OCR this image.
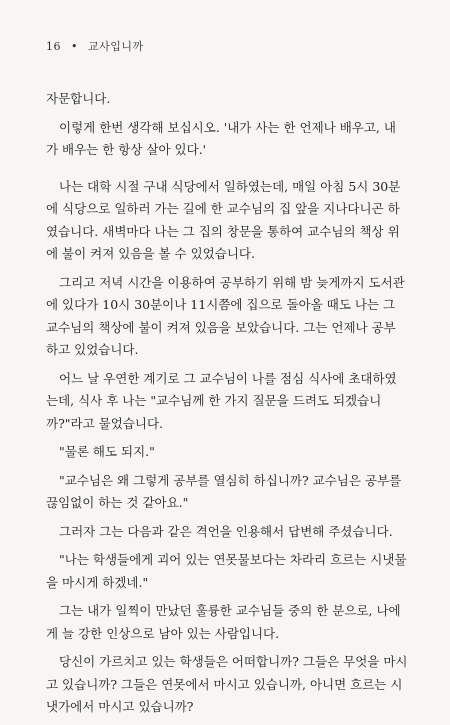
16 • 교사입니까

자문합니다.

이렇게 한번 생각해 보십시오. '내가 사는 한 언제나 배우고, 내
가 배우는 한 항상 살아 있다.'

나는 대학 시절 구내 식당에서 일하였는데, 매일 아침 5시 30분
에 식당으로 일하러 가는 길에 한 교수님의 집 앞을 지나다니곤 하
였습니다. 새벽마다 나는 그 집의 창문을 통하여 교수님의 책상 위
에 불이 켜져 있음을 볼 수 있었습니다.

그리고 저녁 시간을 이용하여 공부하기 위해 밤 늦게까지 도서관
에 있다가 10시 30분이나 11시쯤에 집으로 돌아올 때도 나는 그
교수님의 책상에 불이 켜져 있음을 보았습니다. 그는 언제나 공부
하고 있었습니다.

어느 날 우연한 계기로 그 교수님이 나를 점심 식사에 초대하였
는데, 식사 후 나는 "교수님께 한 가지 질문을 드려도 되겠습니
까?"라고 물었습니다.

"물론 해도 되지."

"교수님은 왜 그렇게 공부를 열심히 하십니까? 교수님은 공부를
끊임없이 하는 것 같아요."

그러자 그는 다음과 같은 격언을 인용해서 답변해 주셨습니다.

"나는 학생들에게 괴어 있는 연못물보다는 차라리 흐르는 시냇물
을 마시게 하겠네."

그는 내가 일찍이 만났던 훌륭한 교수님들 중의 한 분으로, 나에
게 늘 강한 인상으로 남아 있는 사람입니다.

당신이 가르치고 있는 학생들은 어떠합니까? 그들은 무엇을 마시
고 있습니까? 그들은 연못에서 마시고 있습니까, 아니면 흐르는 시
냇가에서 마시고 있습니까?
